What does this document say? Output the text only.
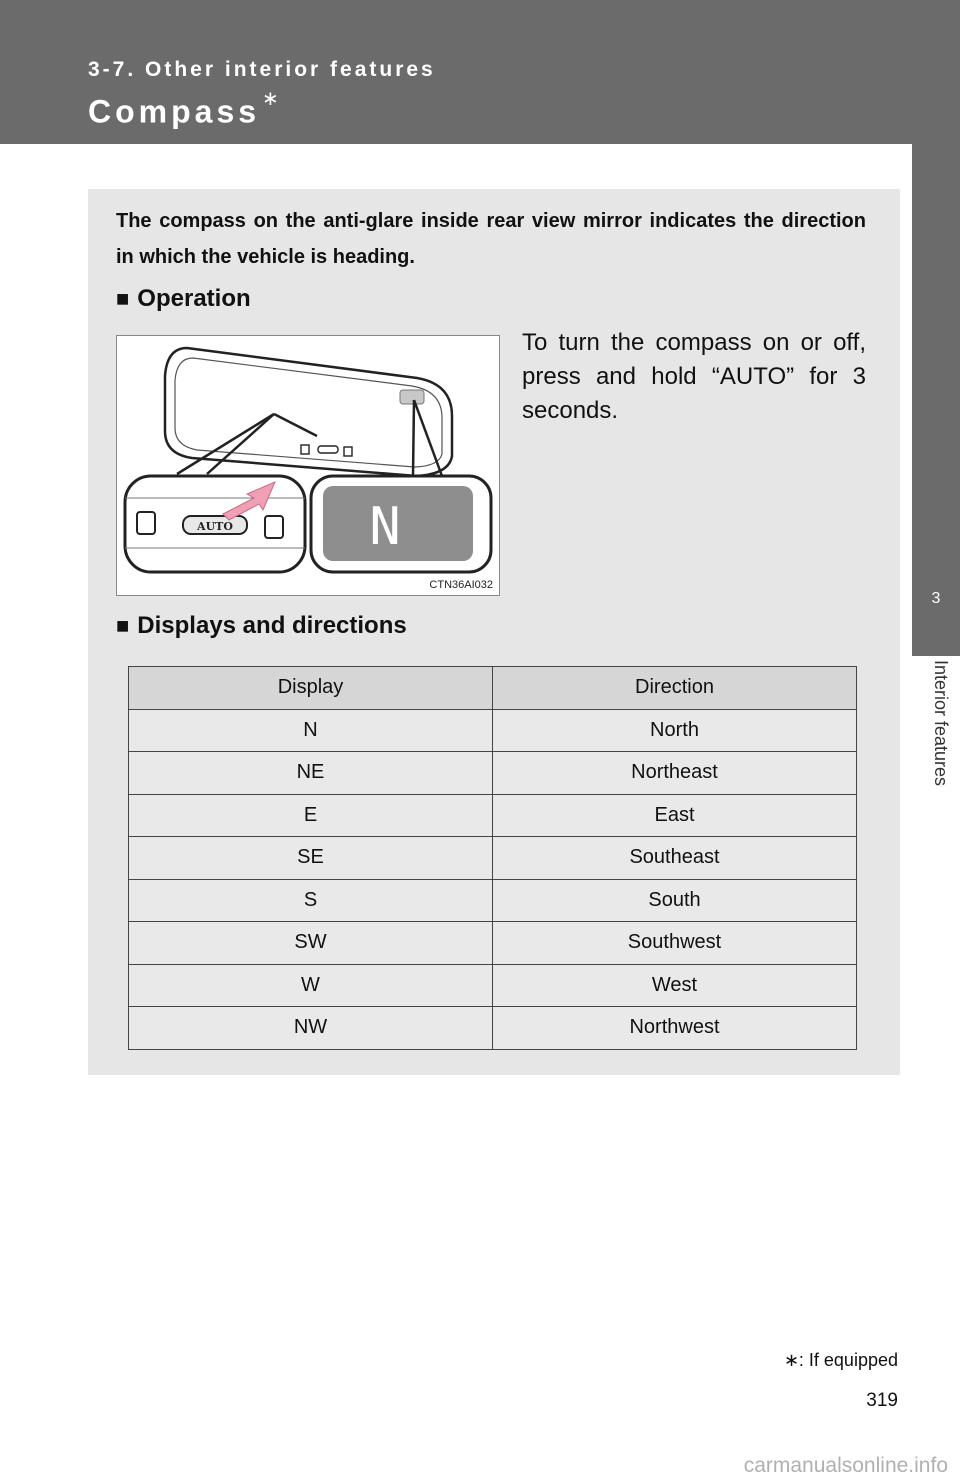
3-7. Other interior features
Compass ∗
3
Interior features

The compass on the anti-glare inside rear view mirror indicates the direction in which the vehicle is heading.

■ Operation
AUTO	N
CTN36AI032

To turn the compass on or off, press and hold “AUTO” for 3 seconds.

■ Displays and directions
Display	Direction
N	North
NE	Northeast
E	East
SE	Southeast
S	South
SW	Southwest
W	West
NW	Northwest
∗: If equipped
319
carmanualsonline.info
